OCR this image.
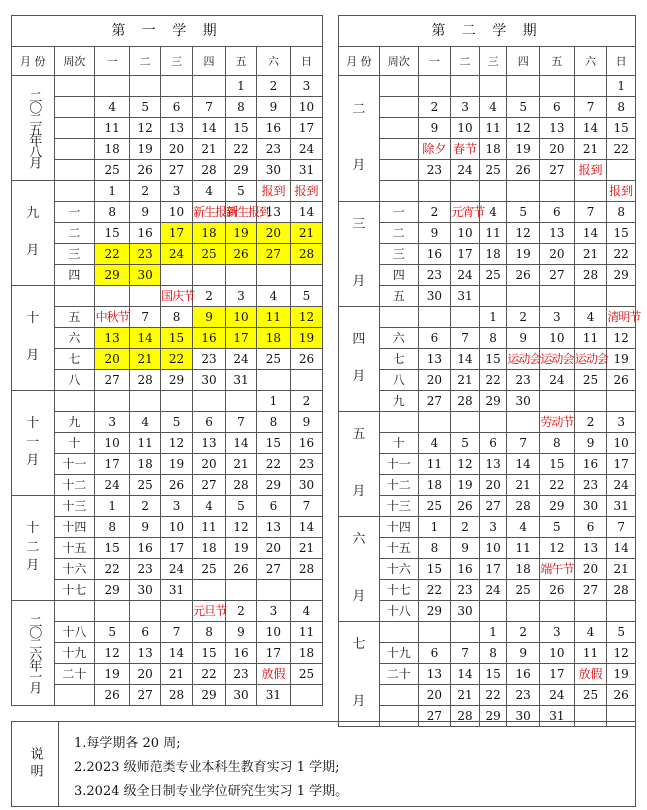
第 一 学 期								
月 份	周次	一	二	三	四	五	六	日
二〇二五年八月						1	2	3
		4	5	6	7	8	9	10
		11	12	13	14	15	16	17
		18	19	20	21	22	23	24
		25	26	27	28	29	30	31
九

月		1	2	3	4	5	报到	报到
	一	8	9	10	新生报到	新生报到	13	14
	二	15	16	17	18	19	20	21
	三	22	23	24	25	26	27	28
	四	29	30					
十

月				国庆节	2	3	4	5
	五	中秋节	7	8	9	10	11	12
	六	13	14	15	16	17	18	19
	七	20	21	22	23	24	25	26
	八	27	28	29	30	31		
十
一
月							1	2
	九	3	4	5	6	7	8	9
	十	10	11	12	13	14	15	16
	十一	17	18	19	20	21	22	23
	十二	24	25	26	27	28	29	30
十
二
月	十三	1	2	3	4	5	6	7
	十四	8	9	10	11	12	13	14
	十五	15	16	17	18	19	20	21
	十六	22	23	24	25	26	27	28
	十七	29	30	31				
二〇二六年一月					元旦节	2	3	4
	十八	5	6	7	8	9	10	11
	十九	12	13	14	15	16	17	18
	二十	19	20	21	22	23	放假	25
		26	27	28	29	30	31	
第 二 学 期								
月 份	周次	一	二	三	四	五	六	日
二

月								1
		2	3	4	5	6	7	8
		9	10	11	12	13	14	15
		除夕	春节	18	19	20	21	22
		23	24	25	26	27	报到	
								报到
三

月	一	2	元宵节	4	5	6	7	8
	二	9	10	11	12	13	14	15
	三	16	17	18	19	20	21	22
	四	23	24	25	26	27	28	29
	五	30	31					
四

月				1	2	3	4	清明节
	六	6	7	8	9	10	11	12
	七	13	14	15	运动会	运动会	运动会	19
	八	20	21	22	23	24	25	26
	九	27	28	29	30			
五

月						劳动节	2	3
	十	4	5	6	7	8	9	10
	十一	11	12	13	14	15	16	17
	十二	18	19	20	21	22	23	24
	十三	25	26	27	28	29	30	31
六

月	十四	1	2	3	4	5	6	7
	十五	8	9	10	11	12	13	14
	十六	15	16	17	18	端午节	20	21
	十七	22	23	24	25	26	27	28
	十八	29	30					
七

月				1	2	3	4	5
	十九	6	7	8	9	10	11	12
	二十	13	14	15	16	17	放假	19
		20	21	22	23	24	25	26
		27	28	29	30	31		
说明
1.每学期各 20 周;
2.2023 级师范类专业本科生教育实习 1 学期;
3.2024 级全日制专业学位研究生实习 1 学期。
